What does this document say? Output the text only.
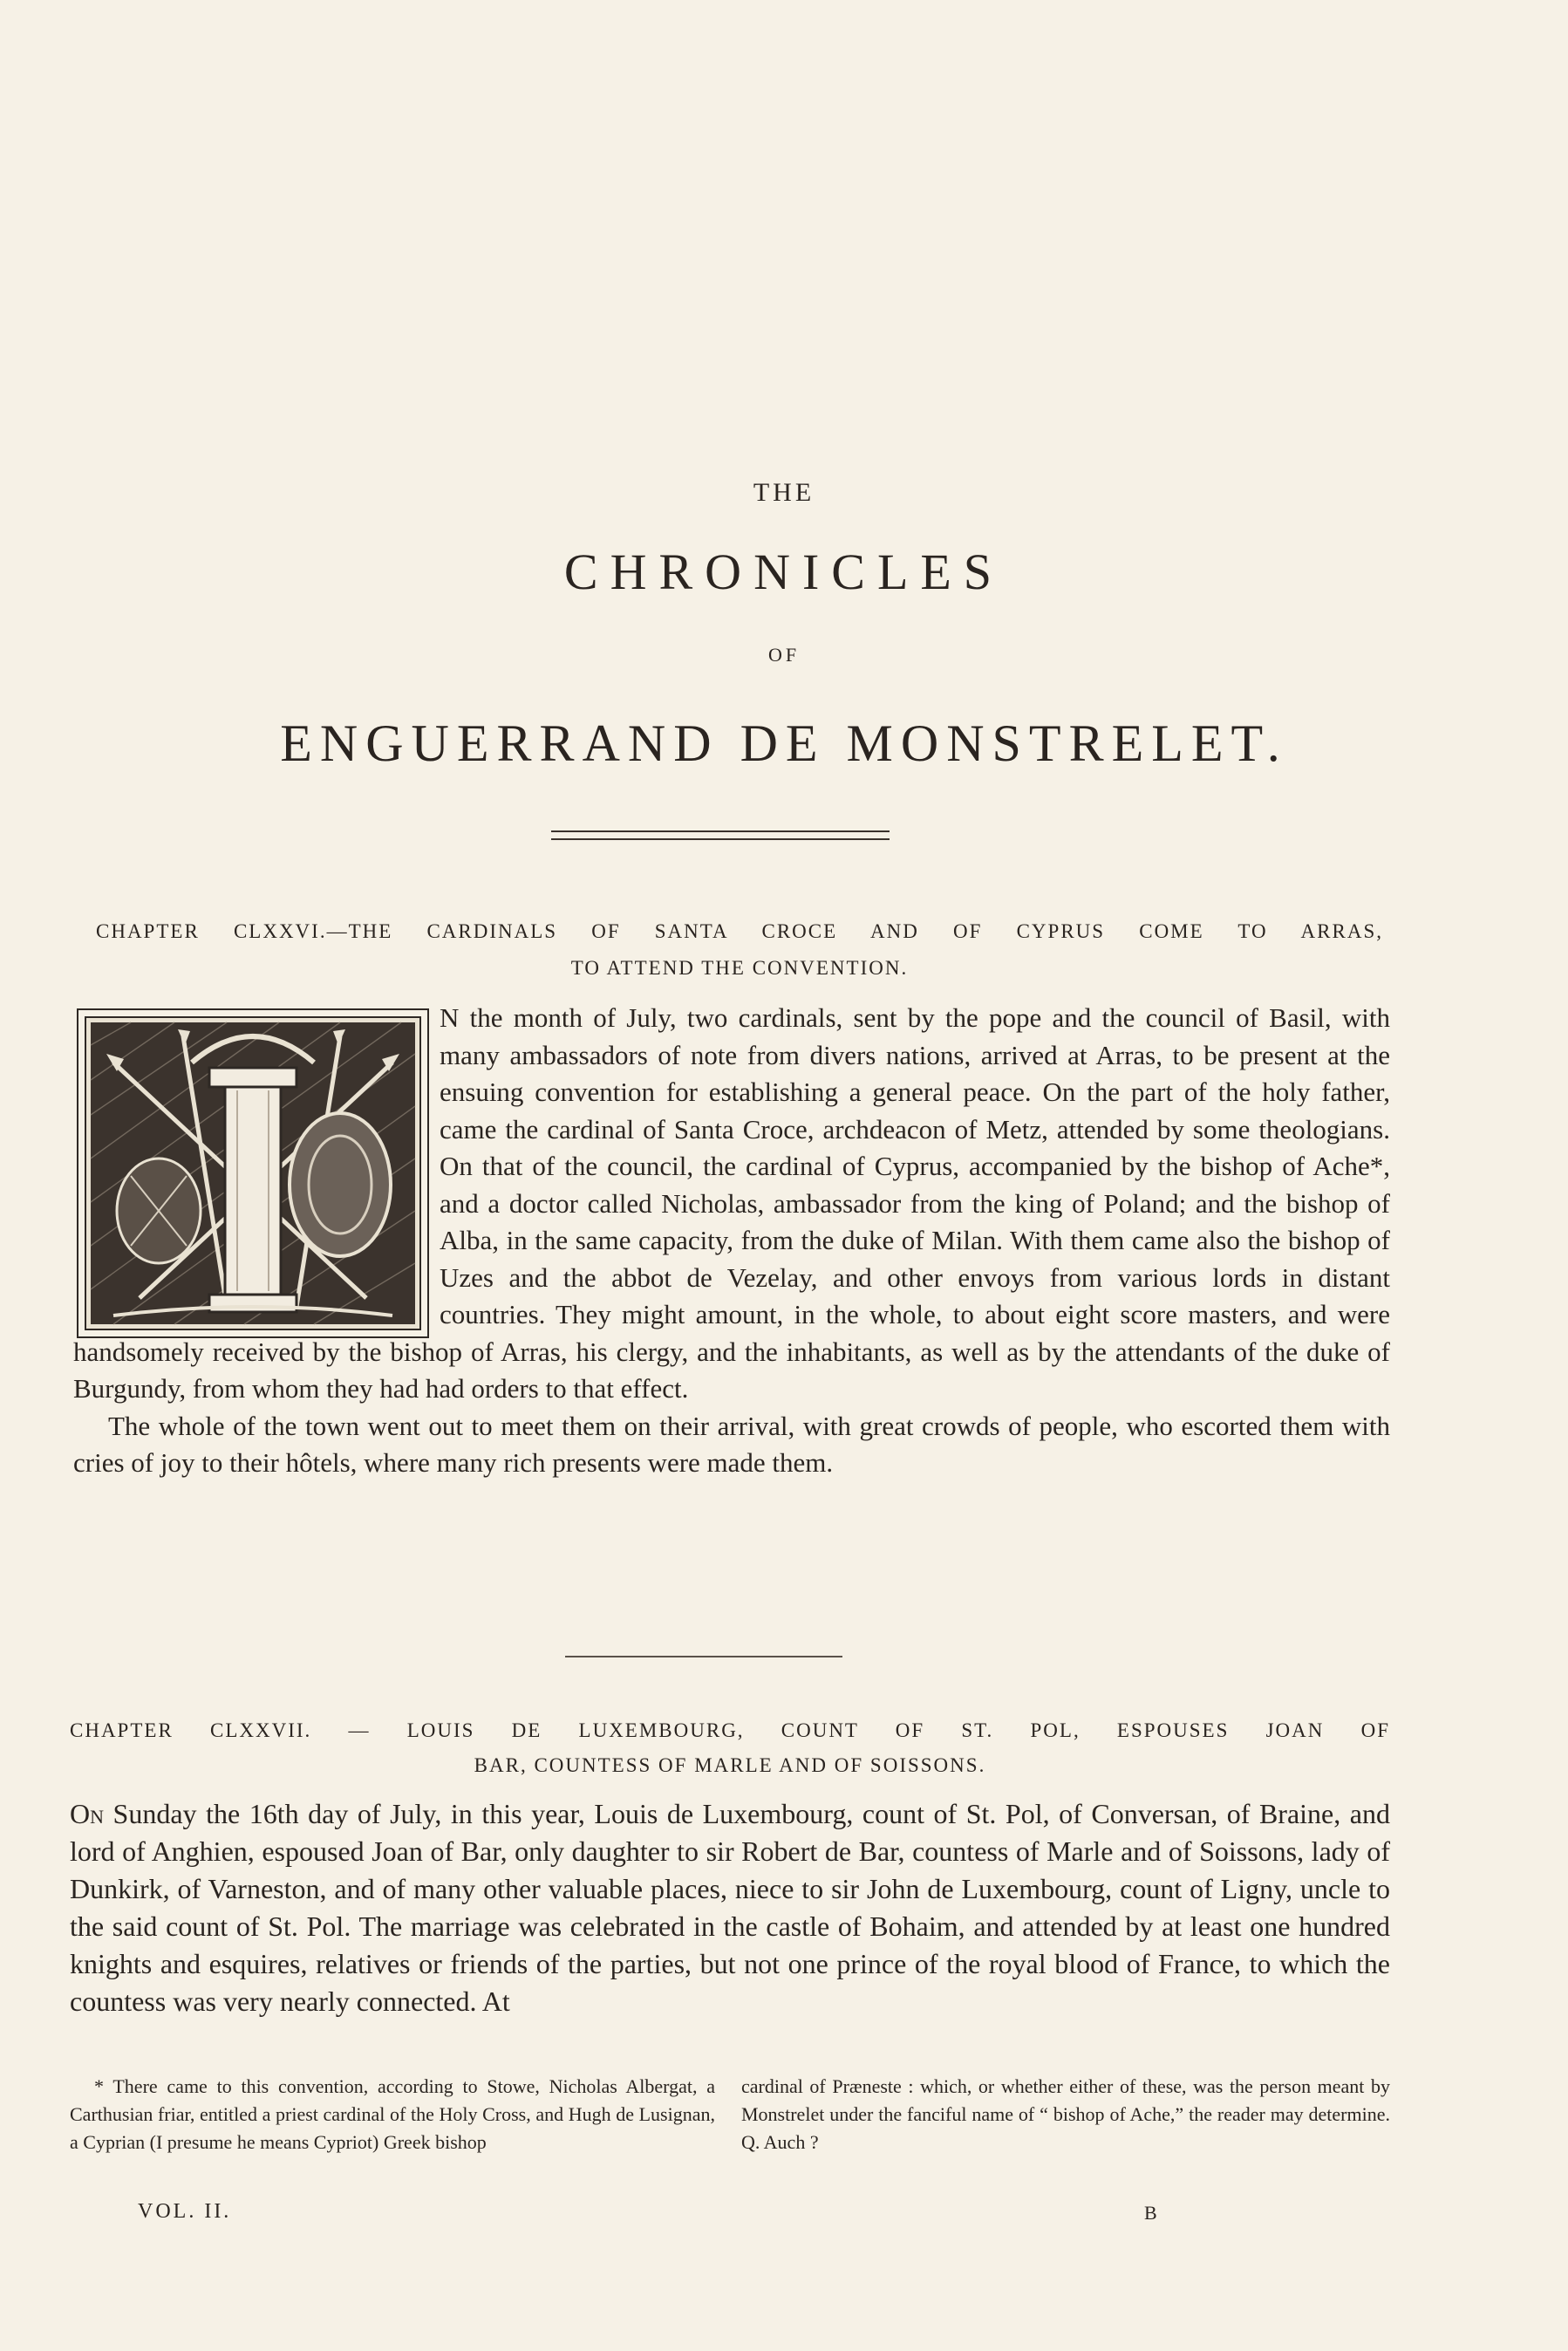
THE
CHRONICLES
OF
ENGUERRAND DE MONSTRELET.
CHAPTER CLXXVI.—THE CARDINALS OF SANTA CROCE AND OF CYPRUS COME TO ARRAS,
TO ATTEND THE CONVENTION.

N the month of July, two cardinals, sent by the pope and the council of Basil, with many ambassadors of note from divers nations, arrived at Arras, to be present at the ensuing convention for establishing a general peace. On the part of the holy father, came the cardinal of Santa Croce, archdeacon of Metz, attended by some theologians. On that of the council, the cardinal of Cyprus, accompanied by the bishop of Ache*, and a doctor called Nicholas, ambassador from the king of Poland; and the bishop of Alba, in the same capacity, from the duke of Milan. With them came also the bishop of Uzes and the abbot de Vezelay, and other envoys from various lords in distant countries. They might amount, in the whole, to about eight score masters, and were handsomely received by the bishop of Arras, his clergy, and the inhabitants, as well as by the attendants of the duke of Burgundy, from whom they had had orders to that effect.

The whole of the town went out to meet them on their arrival, with great crowds of people, who escorted them with cries of joy to their hôtels, where many rich presents were made them.

CHAPTER CLXXVII. — LOUIS DE LUXEMBOURG, COUNT OF ST. POL, ESPOUSES JOAN OF
BAR, COUNTESS OF MARLE AND OF SOISSONS.

On Sunday the 16th day of July, in this year, Louis de Luxembourg, count of St. Pol, of Conversan, of Braine, and lord of Anghien, espoused Joan of Bar, only daughter to sir Robert de Bar, countess of Marle and of Soissons, lady of Dunkirk, of Varneston, and of many other valuable places, niece to sir John de Luxembourg, count of Ligny, uncle to the said count of St. Pol. The marriage was celebrated in the castle of Bohaim, and attended by at least one hundred knights and esquires, relatives or friends of the parties, but not one prince of the royal blood of France, to which the countess was very nearly connected. At

* There came to this convention, according to Stowe, Nicholas Albergat, a Carthusian friar, entitled a priest cardinal of the Holy Cross, and Hugh de Lusignan, a Cyprian (I presume he means Cypriot) Greek bishop

cardinal of Præneste : which, or whether either of these, was the person meant by Monstrelet under the fanciful name of “ bishop of Ache,” the reader may determine. Q. Auch ?

VOL. II.	B
